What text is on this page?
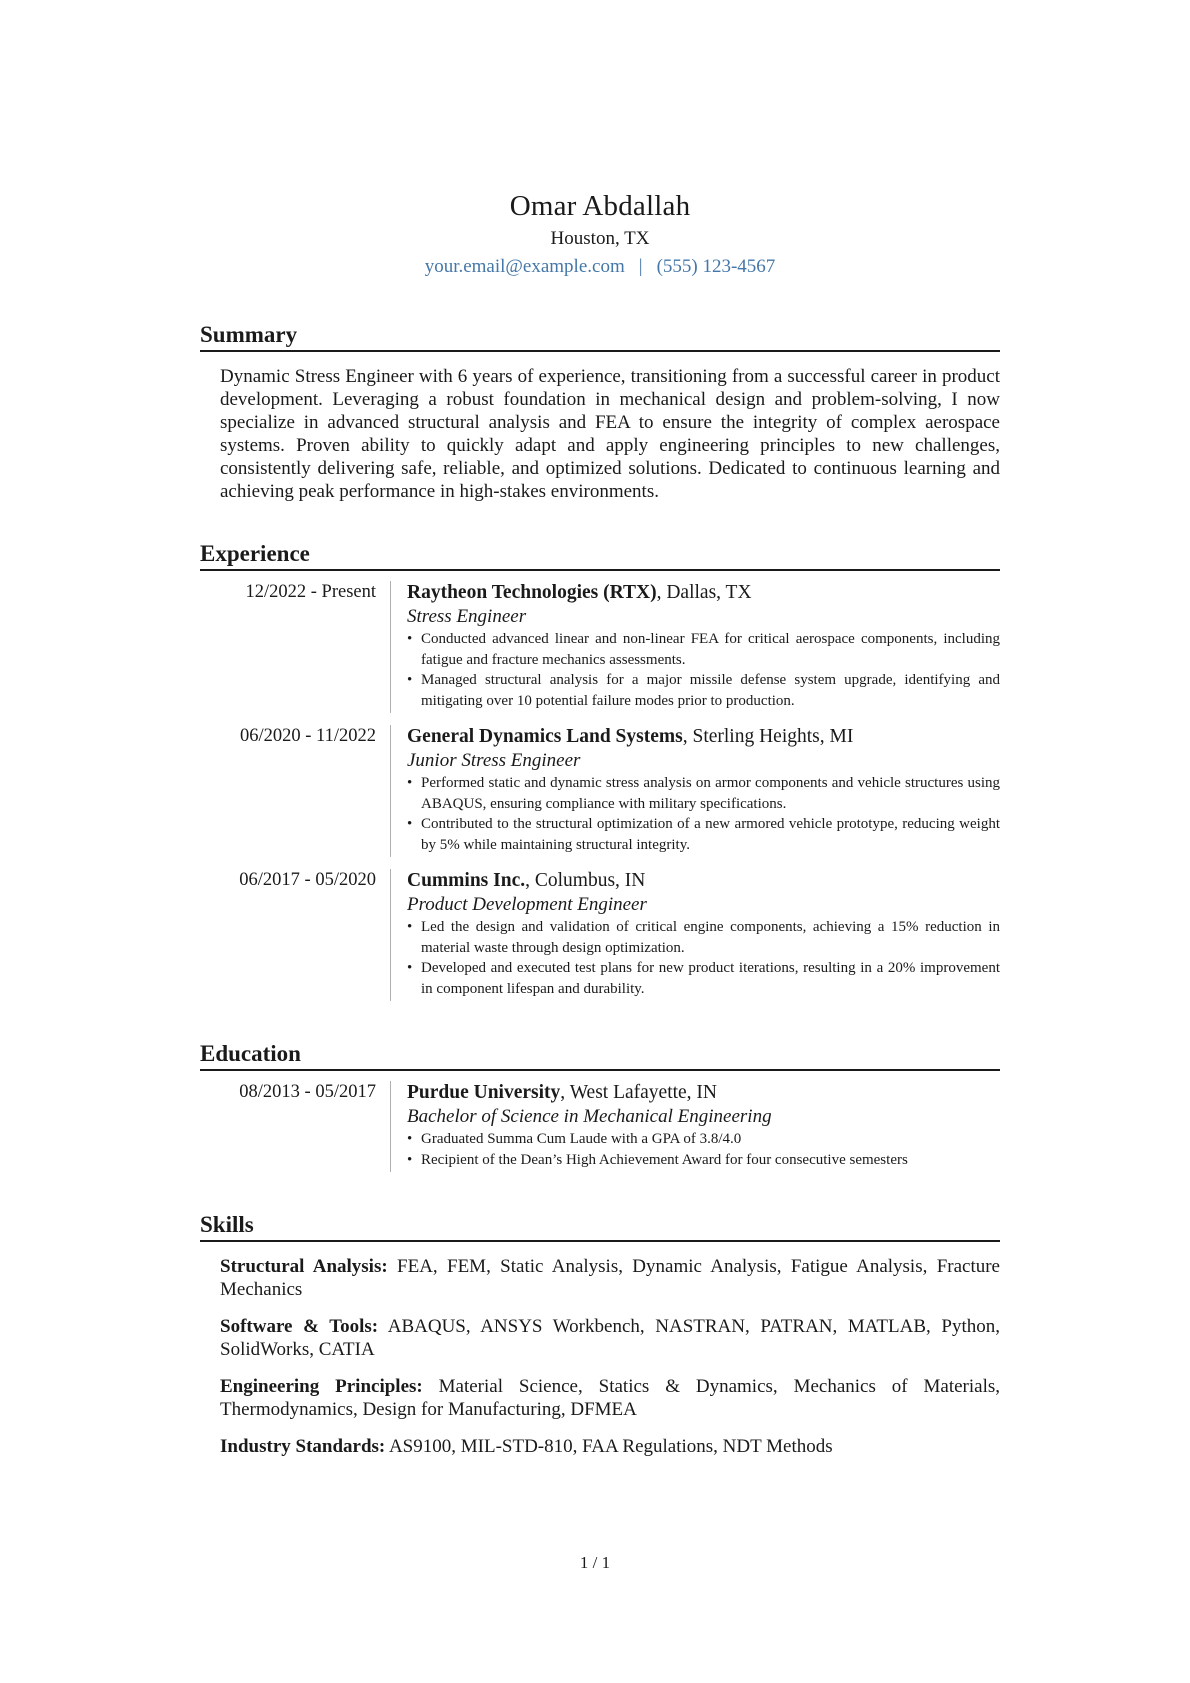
Omar Abdallah
Houston, TX
your.email@example.com | (555) 123-4567
Summary

Dynamic Stress Engineer with 6 years of experience, transitioning from a successful career in product development. Leveraging a robust foundation in mechanical design and problem-solving, I now specialize in advanced structural analysis and FEA to ensure the integrity of complex aerospace systems. Proven ability to quickly adapt and apply engineering principles to new challenges, consistently delivering safe, reliable, and optimized solutions. Dedicated to continuous learning and achieving peak performance in high-stakes environments.

Experience
12/2022 - Present	Raytheon Technologies (RTX), Dallas, TX
Stress Engineer
• Conducted advanced linear and non-linear FEA for critical aerospace components, including fatigue and fracture mechanics assessments.
• Managed structural analysis for a major missile defense system upgrade, identifying and mitigating over 10 potential failure modes prior to production.
06/2020 - 11/2022	General Dynamics Land Systems, Sterling Heights, MI
Junior Stress Engineer
• Performed static and dynamic stress analysis on armor components and vehicle structures using ABAQUS, ensuring compliance with military specifications.
• Contributed to the structural optimization of a new armored vehicle prototype, reducing weight by 5% while maintaining structural integrity.
06/2017 - 05/2020	Cummins Inc., Columbus, IN
Product Development Engineer
• Led the design and validation of critical engine components, achieving a 15% reduction in material waste through design optimization.
• Developed and executed test plans for new product iterations, resulting in a 20% improvement in component lifespan and durability.
Education
08/2013 - 05/2017	Purdue University, West Lafayette, IN
Bachelor of Science in Mechanical Engineering
• Graduated Summa Cum Laude with a GPA of 3.8/4.0
• Recipient of the Dean’s High Achievement Award for four consecutive semesters
Skills
Structural Analysis: FEA, FEM, Static Analysis, Dynamic Analysis, Fatigue Analysis, Fracture Mechanics
Software & Tools: ABAQUS, ANSYS Workbench, NASTRAN, PATRAN, MATLAB, Python, SolidWorks, CATIA
Engineering Principles: Material Science, Statics & Dynamics, Mechanics of Materials, Thermodynamics, Design for Manufacturing, DFMEA
Industry Standards: AS9100, MIL-STD-810, FAA Regulations, NDT Methods
1 / 1
